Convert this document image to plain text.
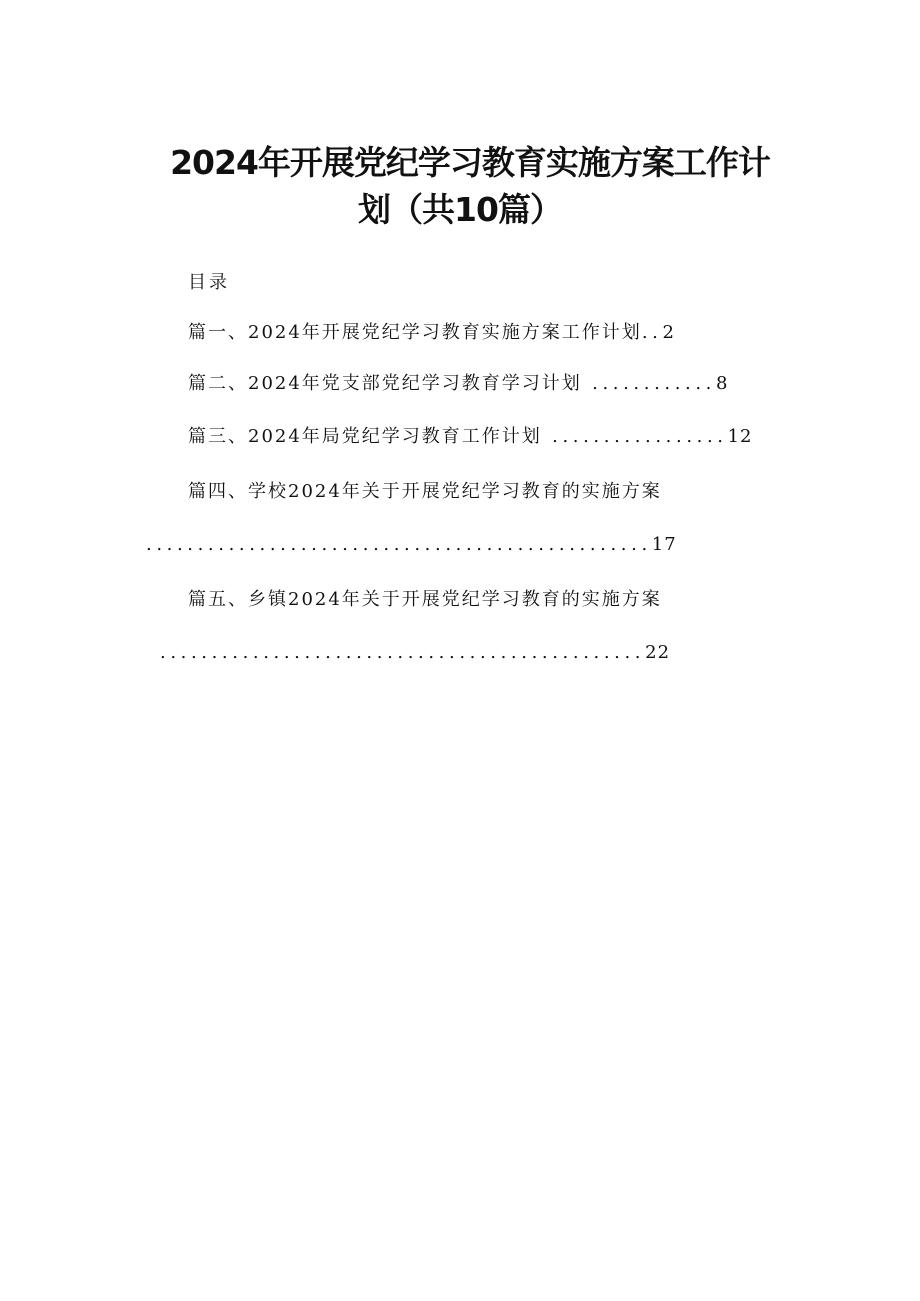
2024年开展党纪学习教育实施方案工作计
划（共10篇）
目录
篇一、2024年开展党纪学习教育实施方案工作计划..2
篇二、2024年党支部党纪学习教育学习计划 ............8
篇三、2024年局党纪学习教育工作计划 .................12
篇四、学校2024年关于开展党纪学习教育的实施方案
.................................................17
篇五、乡镇2024年关于开展党纪学习教育的实施方案
...............................................22
